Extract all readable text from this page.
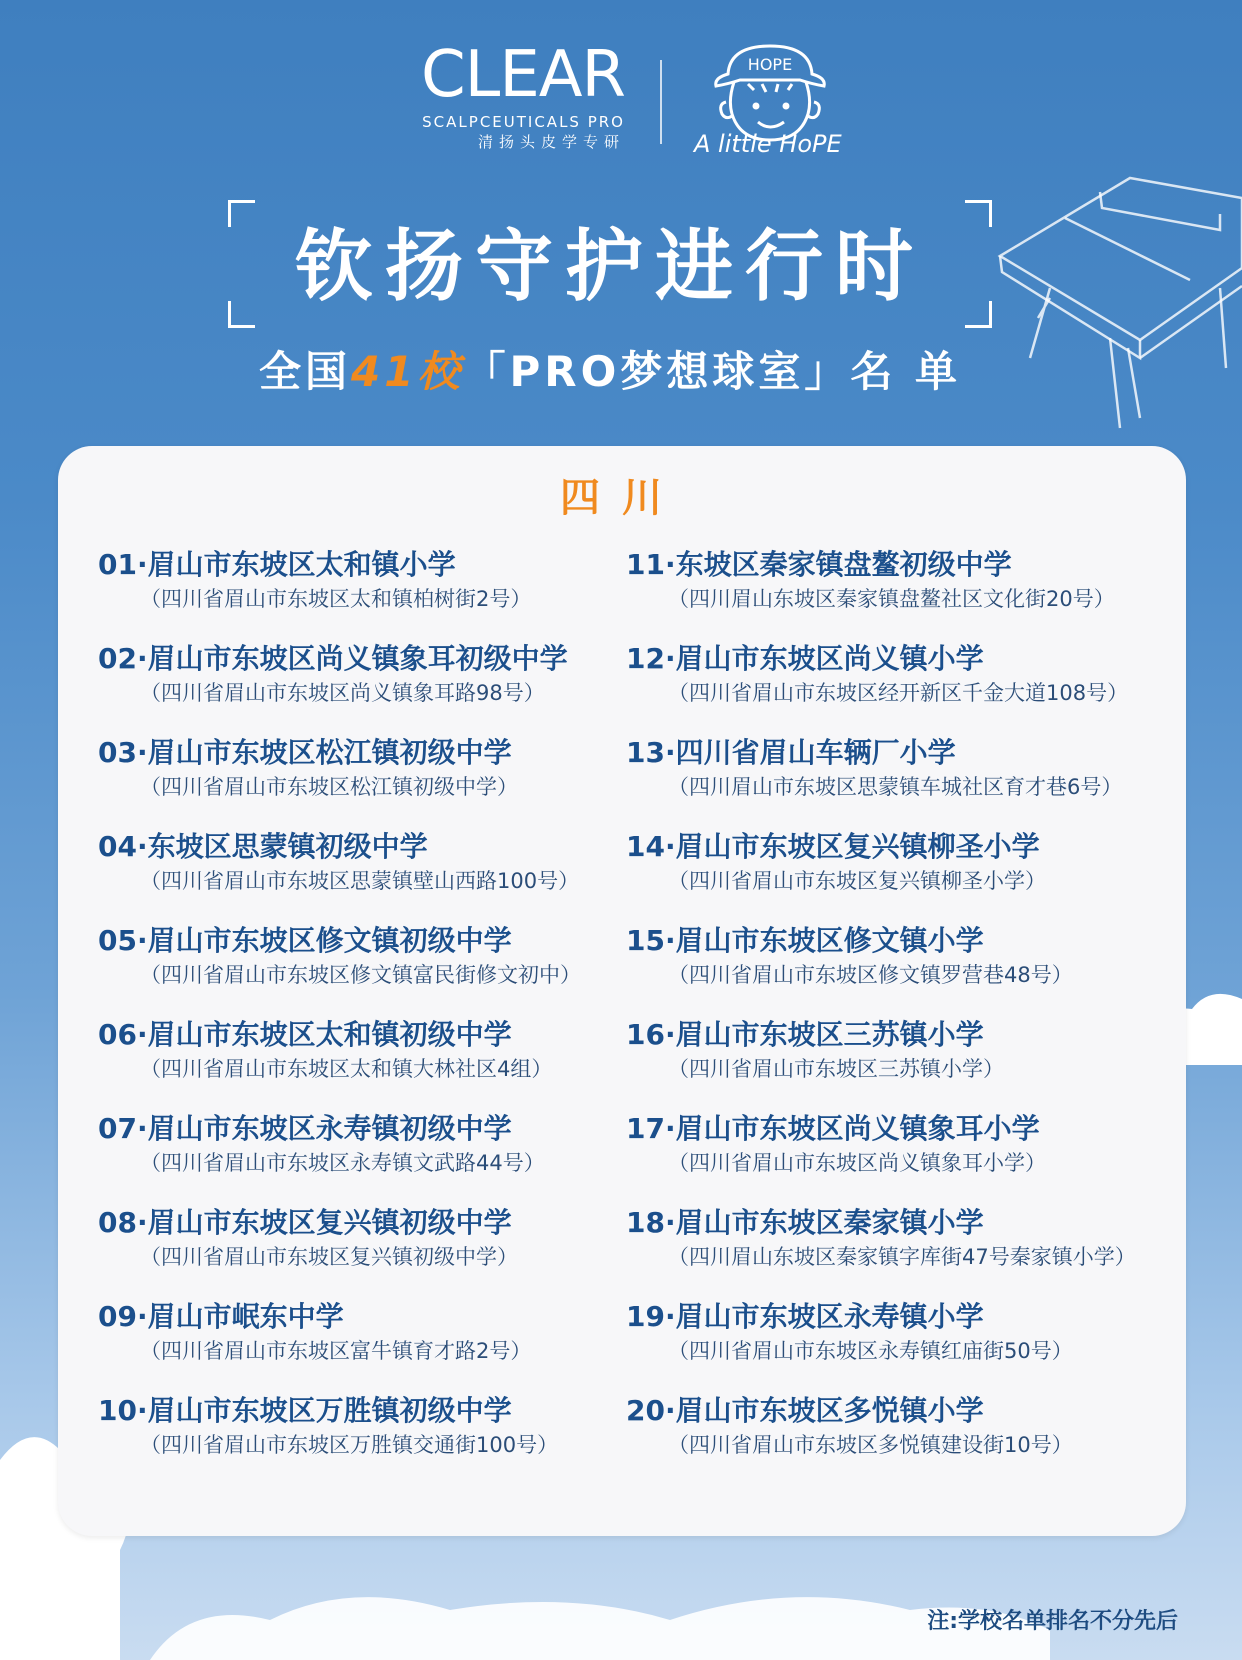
CLEAR
SCALPCEUTICALS PRO
清扬头皮学专研
HOPE
A little HoPE
钦扬守护进行时
全国41校「PRO梦想球室」名 单
四川
01·眉山市东坡区太和镇小学
（四川省眉山市东坡区太和镇柏树街2号）
02·眉山市东坡区尚义镇象耳初级中学
（四川省眉山市东坡区尚义镇象耳路98号）
03·眉山市东坡区松江镇初级中学
（四川省眉山市东坡区松江镇初级中学）
04·东坡区思蒙镇初级中学
（四川省眉山市东坡区思蒙镇壁山西路100号）
05·眉山市东坡区修文镇初级中学
（四川省眉山市东坡区修文镇富民街修文初中）
06·眉山市东坡区太和镇初级中学
（四川省眉山市东坡区太和镇大林社区4组）
07·眉山市东坡区永寿镇初级中学
（四川省眉山市东坡区永寿镇文武路44号）
08·眉山市东坡区复兴镇初级中学
（四川省眉山市东坡区复兴镇初级中学）
09·眉山市岷东中学
（四川省眉山市东坡区富牛镇育才路2号）
10·眉山市东坡区万胜镇初级中学
（四川省眉山市东坡区万胜镇交通街100号）
11·东坡区秦家镇盘鳌初级中学
（四川眉山东坡区秦家镇盘鳌社区文化街20号）
12·眉山市东坡区尚义镇小学
（四川省眉山市东坡区经开新区千金大道108号）
13·四川省眉山车辆厂小学
（四川眉山市东坡区思蒙镇车城社区育才巷6号）
14·眉山市东坡区复兴镇柳圣小学
（四川省眉山市东坡区复兴镇柳圣小学）
15·眉山市东坡区修文镇小学
（四川省眉山市东坡区修文镇罗营巷48号）
16·眉山市东坡区三苏镇小学
（四川省眉山市东坡区三苏镇小学）
17·眉山市东坡区尚义镇象耳小学
（四川省眉山市东坡区尚义镇象耳小学）
18·眉山市东坡区秦家镇小学
（四川眉山东坡区秦家镇字库街47号秦家镇小学）
19·眉山市东坡区永寿镇小学
（四川省眉山市东坡区永寿镇红庙街50号）
20·眉山市东坡区多悦镇小学
（四川省眉山市东坡区多悦镇建设街10号）
注:学校名单排名不分先后
